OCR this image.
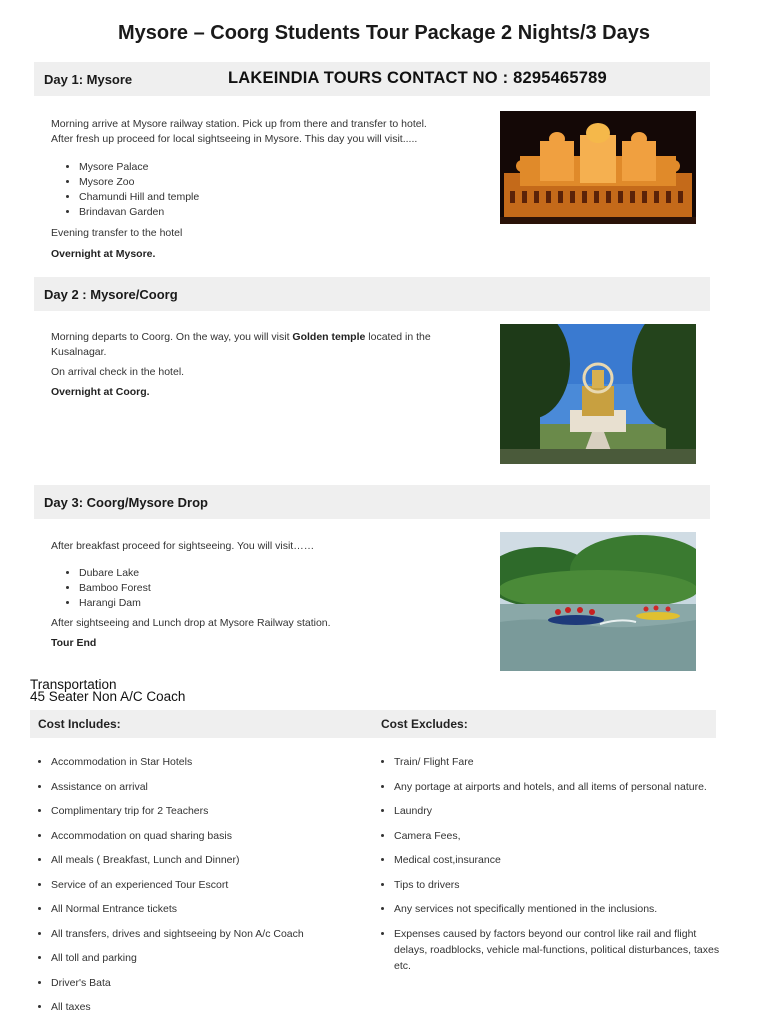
Mysore – Coorg Students Tour Package 2 Nights/3 Days
Day 1: Mysore	LAKEINDIA TOURS CONTACT NO : 8295465789
Morning arrive at Mysore railway station. Pick up from there and transfer to hotel.
After fresh up proceed for local sightseeing in Mysore. This day you will visit.....
• Mysore Palace
• Mysore Zoo
• Chamundi Hill and temple
• Brindavan Garden
Evening transfer to the hotel
Overnight at Mysore.
Day 2 : Mysore/Coorg
Morning departs to Coorg. On the way, you will visit Golden temple located in the
Kusalnagar.
On arrival check in the hotel.
Overnight at Coorg.
Day 3: Coorg/Mysore Drop
After breakfast proceed for sightseeing. You will visit……
• Dubare Lake
• Bamboo Forest
• Harangi Dam
After sightseeing and Lunch drop at Mysore Railway station.
Tour End
Transportation
45 Seater Non A/C Coach
Cost Includes:	Cost Excludes:
• Accommodation in Star Hotels
• Assistance on arrival
• Complimentary trip for 2 Teachers
• Accommodation on quad sharing basis
• All meals ( Breakfast, Lunch and Dinner)
• Service of an experienced Tour Escort
• All Normal Entrance tickets
• All transfers, drives and sightseeing by Non A/c Coach
• All toll and parking
• Driver's Bata
• All taxes
• Train/ Flight Fare
• Any portage at airports and hotels, and all items of personal nature.
• Laundry
• Camera Fees,
• Medical cost,insurance
• Tips to drivers
• Any services not specifically mentioned in the inclusions.
• Expenses caused by factors beyond our control like rail and flight delays, roadblocks, vehicle mal-functions, political disturbances, taxes etc.
